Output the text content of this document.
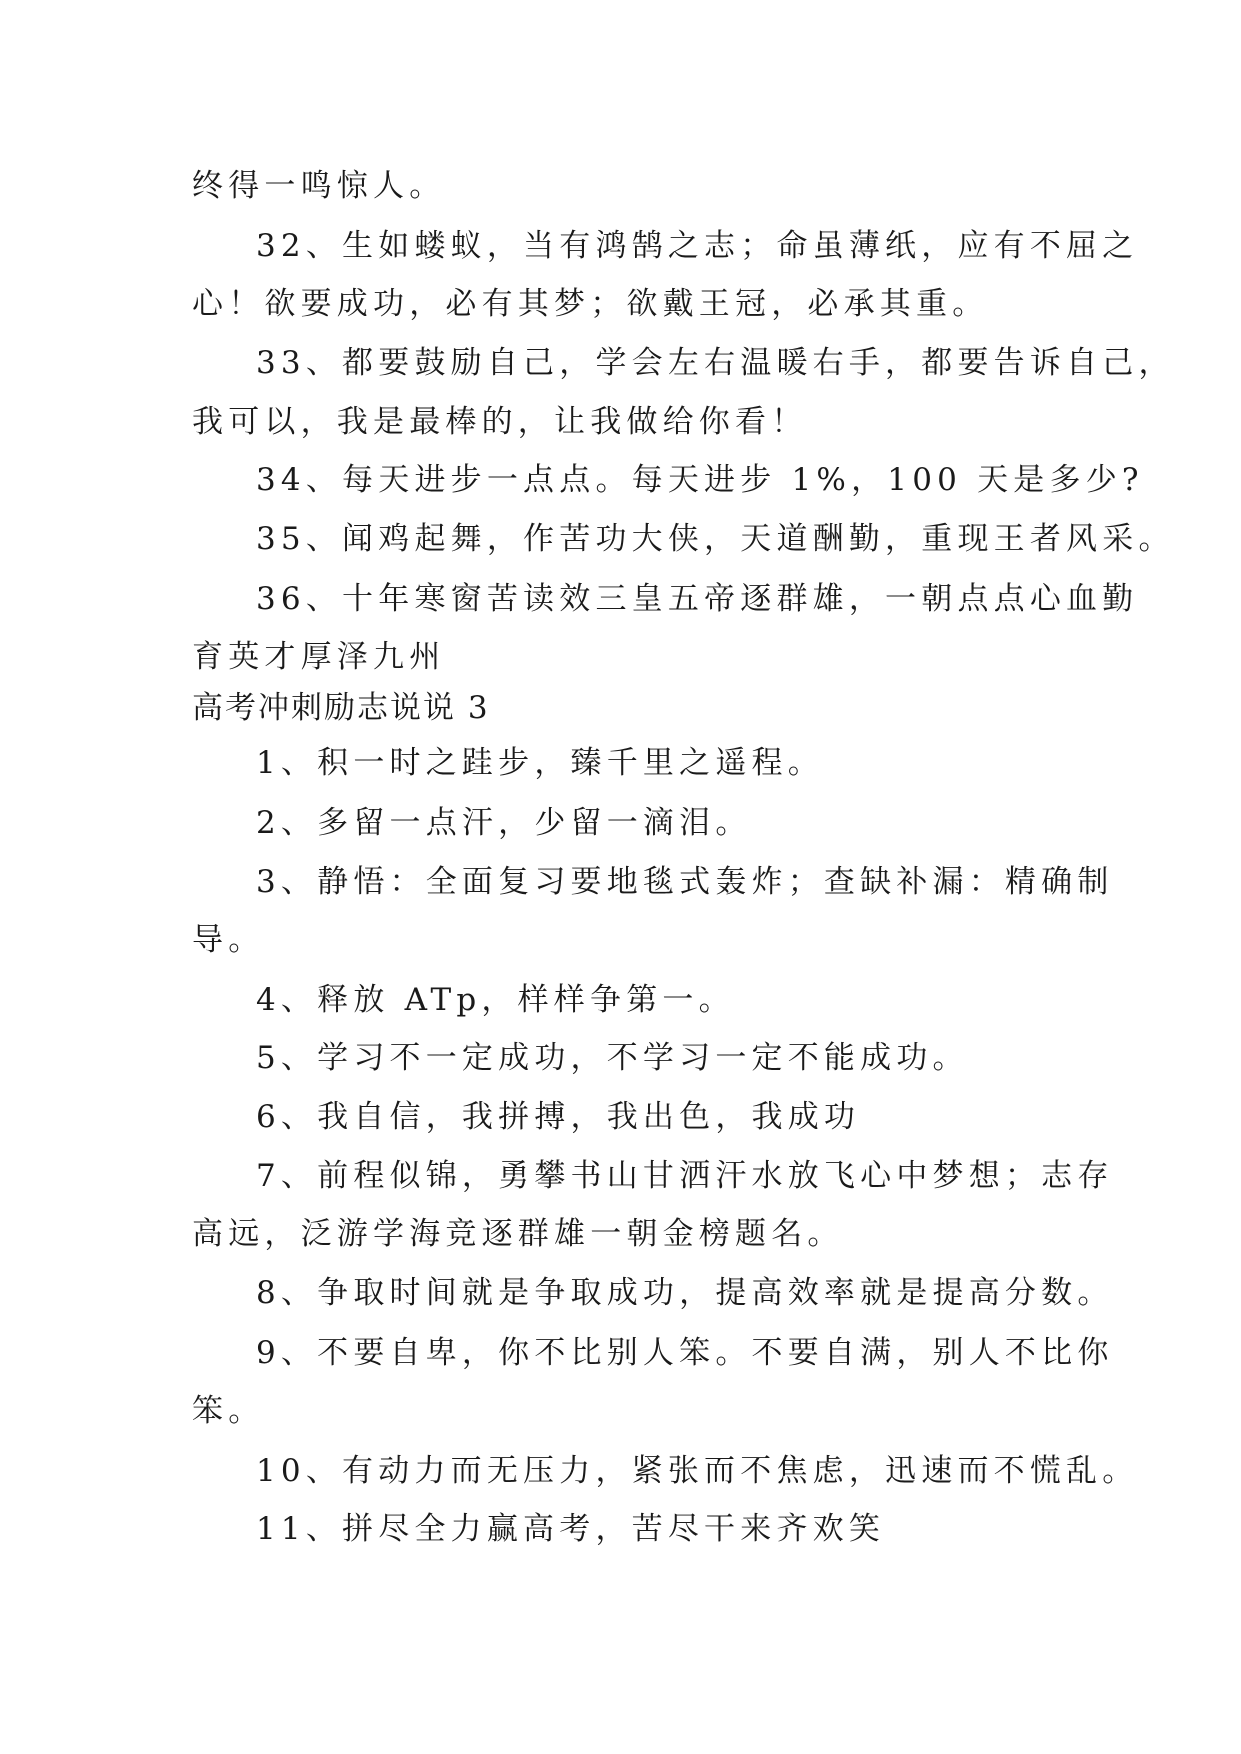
终得一鸣惊人。
32、生如蝼蚁，当有鸿鹄之志；命虽薄纸，应有不屈之
心！欲要成功，必有其梦；欲戴王冠，必承其重。
33、都要鼓励自己，学会左右温暖右手，都要告诉自己，
我可以，我是最棒的，让我做给你看！
34、每天进步一点点。每天进步 1%，100 天是多少?
35、闻鸡起舞，作苦功大侠，天道酬勤，重现王者风采。
36、十年寒窗苦读效三皇五帝逐群雄，一朝点点心血勤
育英才厚泽九州
高考冲刺励志说说 3
1、积一时之跬步，臻千里之遥程。
2、多留一点汗，少留一滴泪。
3、静悟：全面复习要地毯式轰炸；查缺补漏：精确制
导。
4、释放 ATp，样样争第一。
5、学习不一定成功，不学习一定不能成功。
6、我自信，我拼搏，我出色，我成功
7、前程似锦，勇攀书山甘洒汗水放飞心中梦想；志存
高远，泛游学海竞逐群雄一朝金榜题名。
8、争取时间就是争取成功，提高效率就是提高分数。
9、不要自卑，你不比别人笨。不要自满，别人不比你
笨。
10、有动力而无压力，紧张而不焦虑，迅速而不慌乱。
11、拼尽全力赢高考，苦尽干来齐欢笑
